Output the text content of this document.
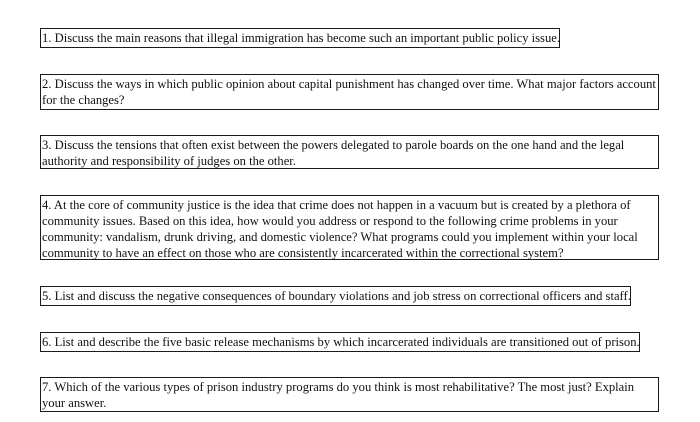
1. Discuss the main reasons that illegal immigration has become such an important public policy issue.
2. Discuss the ways in which public opinion about capital punishment has changed over time. What major factors account for the changes?
3. Discuss the tensions that often exist between the powers delegated to parole boards on the one hand and the legal authority and responsibility of judges on the other.
4. At the core of community justice is the idea that crime does not happen in a vacuum but is created by a plethora of community issues. Based on this idea, how would you address or respond to the following crime problems in your community: vandalism, drunk driving, and domestic violence? What programs could you implement within your local community to have an effect on those who are consistently incarcerated within the correctional system?
5. List and discuss the negative consequences of boundary violations and job stress on correctional officers and staff.
6. List and describe the five basic release mechanisms by which incarcerated individuals are transitioned out of prison.
7. Which of the various types of prison industry programs do you think is most rehabilitative? The most just? Explain your answer.
